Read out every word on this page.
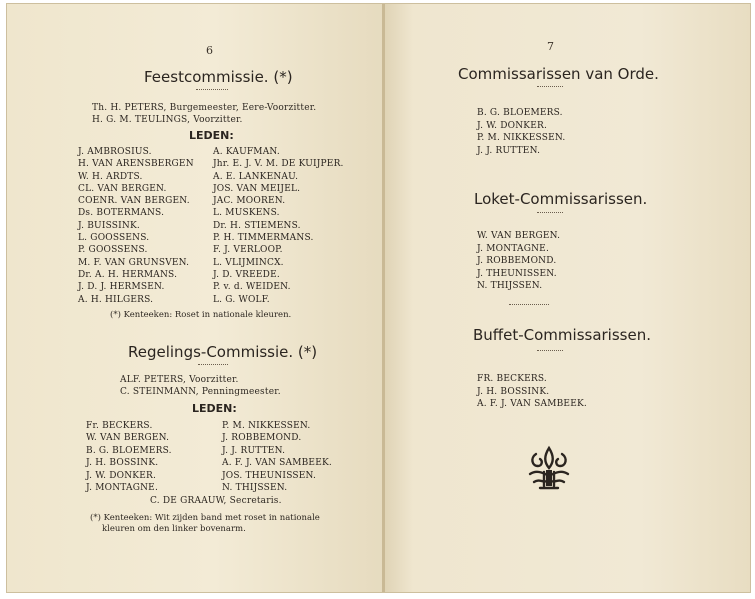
6
Feestcommissie. (*)
Th. H. PETERS, Burgemeester, Eere-Voorzitter.
H. G. M. TEULINGS, Voorzitter.
LEDEN:
J. AMBROSIUS.
H. VAN ARENSBERGEN
W. H. ARDTS.
CL. VAN BERGEN.
COENR. VAN BERGEN.
Ds. BOTERMANS.
J. BUISSINK.
L. GOOSSENS.
P. GOOSSENS.
M. F. VAN GRUNSVEN.
Dr. A. H. HERMANS.
J. D. J. HERMSEN.
A. H. HILGERS.
A. KAUFMAN.
Jhr. E. J. V. M. DE KUIJPER.
A. E. LANKENAU.
JOS. VAN MEIJEL.
JAC. MOOREN.
L. MUSKENS.
Dr. H. STIEMENS.
P. H. TIMMERMANS.
F. J. VERLOOP.
L. VLIJMINCX.
J. D. VREEDE.
P. v. d. WEIDEN.
L. G. WOLF.
(*) Kenteeken: Roset in nationale kleuren.
Regelings-Commissie. (*)
ALF. PETERS, Voorzitter.
C. STEINMANN, Penningmeester.
LEDEN:
Fr. BECKERS.
W. VAN BERGEN.
B. G. BLOEMERS.
J. H. BOSSINK.
J. W. DONKER.
J. MONTAGNE.
P. M. NIKKESSEN.
J. ROBBEMOND.
J. J. RUTTEN.
A. F. J. VAN SAMBEEK.
JOS. THEUNISSEN.
N. THIJSSEN.
C. DE GRAAUW, Secretaris.
(*) Kenteeken: Wit zijden band met roset in nationale
kleuren om den linker bovenarm.
7
Commissarissen van Orde.
B. G. BLOEMERS.
J. W. DONKER.
P. M. NIKKESSEN.
J. J. RUTTEN.
Loket-Commissarissen.
W. VAN BERGEN.
J. MONTAGNE.
J. ROBBEMOND.
J. THEUNISSEN.
N. THIJSSEN.
Buffet-Commissarissen.
FR. BECKERS.
J. H. BOSSINK.
A. F. J. VAN SAMBEEK.
